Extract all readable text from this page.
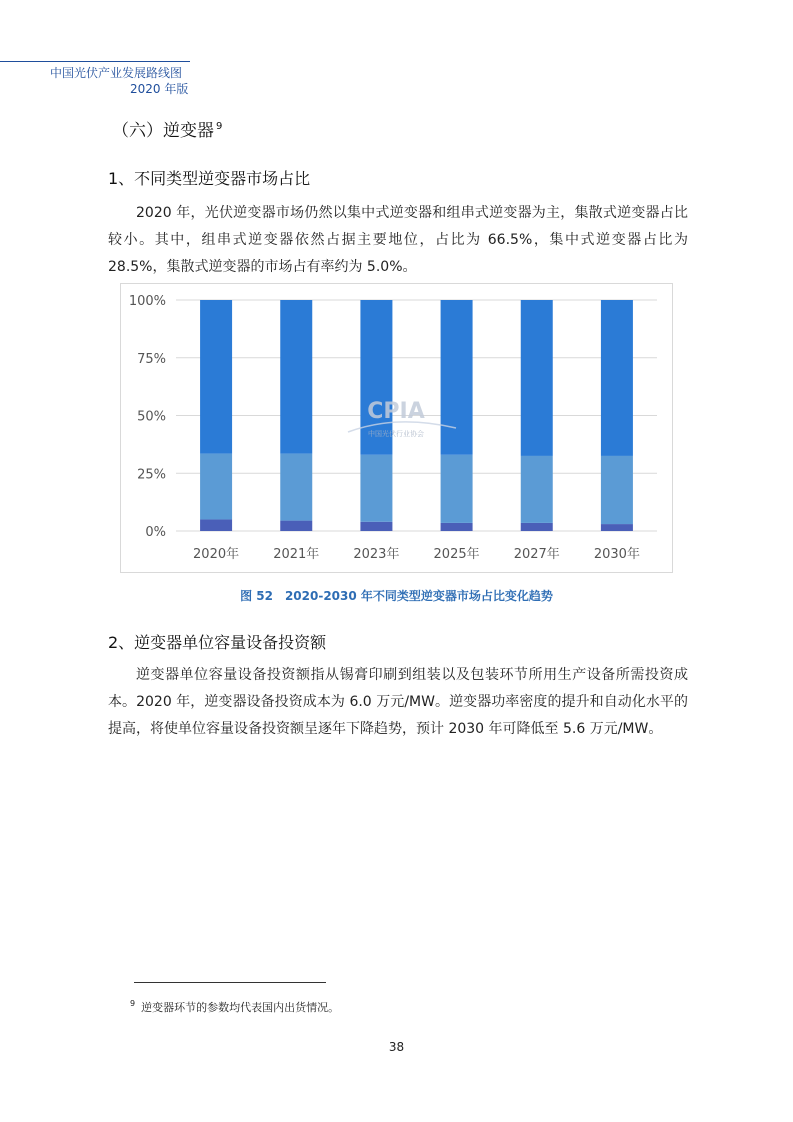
中国光伏产业发展路线图
2020 年版
（六）逆变器 $^9$
1、不同类型逆变器市场占比
2020 年，光伏逆变器市场仍然以集中式逆变器和组串式逆变器为主，集散式逆变器占比较小。其中，组串式逆变器依然占据主要地位，占比为 66.5%，集中式逆变器占比为 28.5%，集散式逆变器的市场占有率约为 5.0%。
0%
25%
50%
75%
100%
2020年	2021年	2023年	2025年	2027年	2030年
CPIA
中国光伏行业协会
图 52　2020-2030 年不同类型逆变器市场占比变化趋势
2、逆变器单位容量设备投资额
逆变器单位容量设备投资额指从锡膏印刷到组装以及包装环节所用生产设备所需投资成本。2020 年，逆变器设备投资成本为 6.0 万元/MW。逆变器功率密度的提升和自动化水平的提高，将使单位容量设备投资额呈逐年下降趋势，预计 2030 年可降低至 5.6 万元/MW。
$^9$ 逆变器环节的参数均代表国内出货情况。
38
